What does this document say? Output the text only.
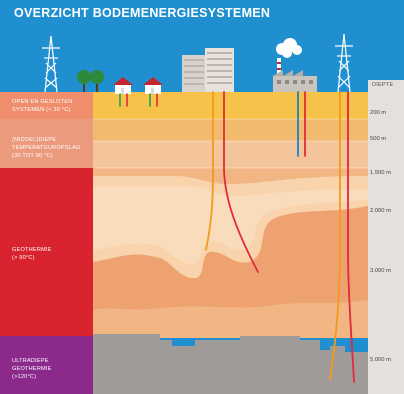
OVERZICHT BODEMENERGIESYSTEMEN
OPEN EN GESLOTEN
SYSTEMEN (< 30 °C)
(MIDDEL)DIEPE
TEMPERATUUROPSLAG
(30 TOT 90 °C)
GEOTHERMIE
(> 90°C)
ULTRADIEPE
GEOTHERMIE
(>120°C)
DIEPTE
200 m
500 m
1.500 m
2.000 m
3.000 m
5.000 m
